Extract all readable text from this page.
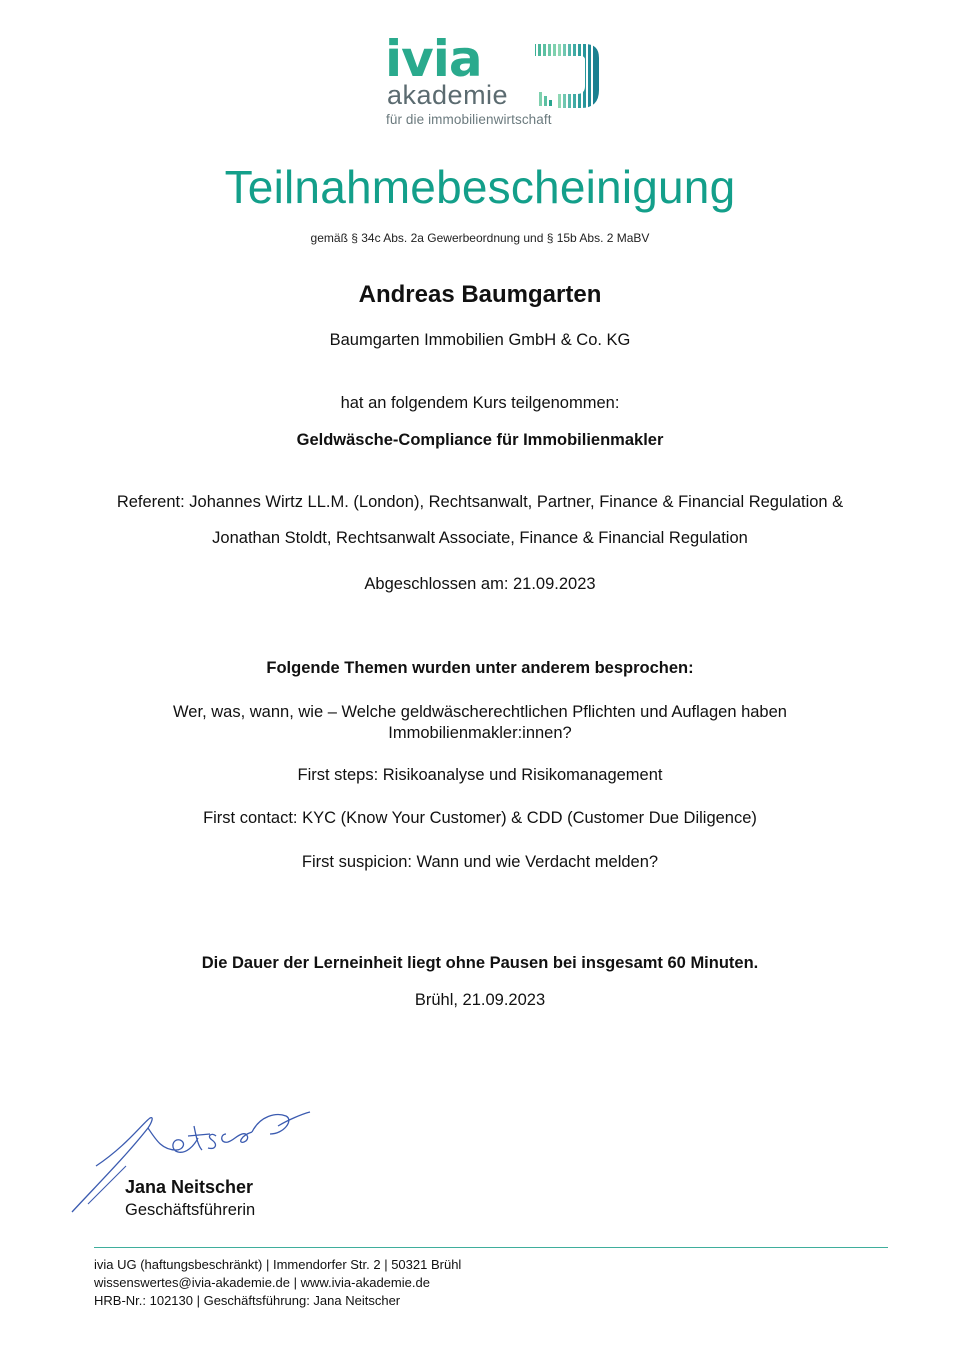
ivia
akademie
für die immobilienwirtschaft
Teilnahmebescheinigung
gemäß § 34c Abs. 2a Gewerbeordnung und § 15b Abs. 2 MaBV
Andreas Baumgarten
Baumgarten Immobilien GmbH & Co. KG
hat an folgendem Kurs teilgenommen:
Geldwäsche-Compliance für Immobilienmakler
Referent: Johannes Wirtz LL.M. (London), Rechtsanwalt, Partner, Finance & Financial Regulation &
Jonathan Stoldt, Rechtsanwalt Associate, Finance & Financial Regulation
Abgeschlossen am: 21.09.2023
Folgende Themen wurden unter anderem besprochen:
Wer, was, wann, wie – Welche geldwäscherechtlichen Pflichten und Auflagen haben Immobilienmakler:innen?
First steps: Risikoanalyse und Risikomanagement
First contact: KYC (Know Your Customer) & CDD (Customer Due Diligence)
First suspicion: Wann und wie Verdacht melden?
Die Dauer der Lerneinheit liegt ohne Pausen bei insgesamt 60 Minuten.
Brühl, 21.09.2023
Jana Neitscher
Geschäftsführerin
ivia UG (haftungsbeschränkt) | Immendorfer Str. 2 | 50321 Brühl
wissenswertes@ivia-akademie.de | www.ivia-akademie.de
HRB-Nr.: 102130 | Geschäftsführung: Jana Neitscher
